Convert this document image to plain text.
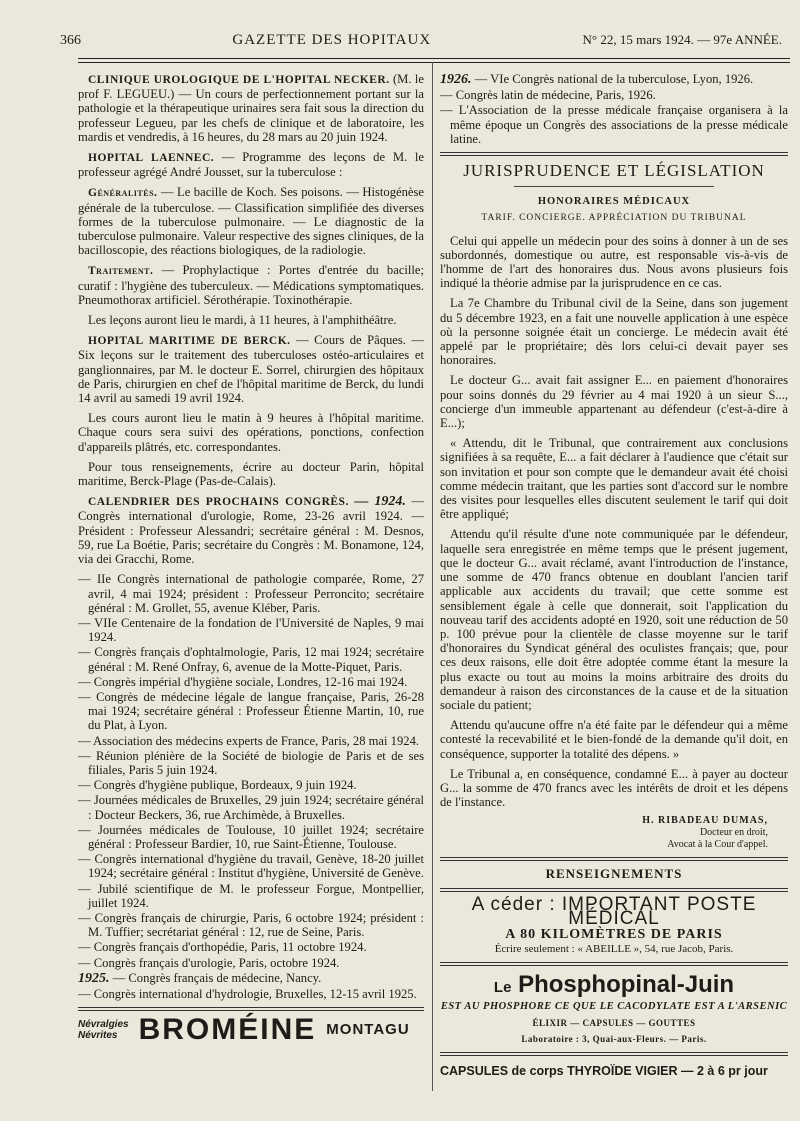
366	GAZETTE DES HOPITAUX	N° 22, 15 mars 1924. — 97e ANNÉE.

CLINIQUE UROLOGIQUE DE L'HOPITAL NECKER. (M. le prof F. LEGUEU.) — Un cours de perfectionnement portant sur la pathologie et la thérapeutique urinaires sera fait sous la direction du professeur Legueu, par les chefs de clinique et de laboratoire, les mardis et vendredis, à 16 heures, du 28 mars au 20 juin 1924.

HOPITAL LAENNEC. — Programme des leçons de M. le professeur agrégé André Jousset, sur la tuberculose :

Généralités. — Le bacille de Koch. Ses poisons. — Histogénèse générale de la tuberculose. — Classification simplifiée des diverses formes de la tuberculose pulmonaire. — Le diagnostic de la tuberculose pulmonaire. Valeur respective des signes cliniques, de la bacilloscopie, des réactions biologiques, de la radiologie.

Traitement. — Prophylactique : Portes d'entrée du bacille; curatif : l'hygiène des tuberculeux. — Médications symptomatiques. Pneumothorax artificiel. Sérothérapie. Toxinothérapie.

Les leçons auront lieu le mardi, à 11 heures, à l'amphithéâtre.

HOPITAL MARITIME DE BERCK. — Cours de Pâques. — Six leçons sur le traitement des tuberculoses ostéo-articulaires et ganglionnaires, par M. le docteur E. Sorrel, chirurgien des hôpitaux de Paris, chirurgien en chef de l'hôpital maritime de Berck, du lundi 14 avril au samedi 19 avril 1924.

Les cours auront lieu le matin à 9 heures à l'hôpital maritime. Chaque cours sera suivi des opérations, ponctions, confection d'appareils plâtrés, etc. correspondantes.

Pour tous renseignements, écrire au docteur Parin, hôpital maritime, Berck-Plage (Pas-de-Calais).

CALENDRIER DES PROCHAINS CONGRÈS. — 1924. — Congrès international d'urologie, Rome, 23-26 avril 1924. — Président : Professeur Alessandri; secrétaire général : M. Desnos, 59, rue La Boétie, Paris; secrétaire du Congrès : M. Bonamone, 124, via dei Gracchi, Rome.

— IIe Congrès international de pathologie comparée, Rome, 27 avril, 4 mai 1924; président : Professeur Perroncito; secrétaire général : M. Grollet, 55, avenue Kléber, Paris.
— VIIe Centenaire de la fondation de l'Université de Naples, 9 mai 1924.
— Congrès français d'ophtalmologie, Paris, 12 mai 1924; secrétaire général : M. René Onfray, 6, avenue de la Motte-Piquet, Paris.
— Congrès impérial d'hygiène sociale, Londres, 12-16 mai 1924.
— Congrès de médecine légale de langue française, Paris, 26-28 mai 1924; secrétaire général : Professeur Étienne Martin, 10, rue du Plat, à Lyon.
— Association des médecins experts de France, Paris, 28 mai 1924.
— Réunion plénière de la Société de biologie de Paris et de ses filiales, Paris 5 juin 1924.
— Congrès d'hygiène publique, Bordeaux, 9 juin 1924.
— Journées médicales de Bruxelles, 29 juin 1924; secrétaire général : Docteur Beckers, 36, rue Archimède, à Bruxelles.
— Journées médicales de Toulouse, 10 juillet 1924; secrétaire général : Professeur Bardier, 10, rue Saint-Étienne, Toulouse.
— Congrès international d'hygiène du travail, Genève, 18-20 juillet 1924; secrétaire général : Institut d'hygiène, Université de Genève.
— Jubilé scientifique de M. le professeur Forgue, Montpellier, juillet 1924.
— Congrès français de chirurgie, Paris, 6 octobre 1924; président : M. Tuffier; secrétariat général : 12, rue de Seine, Paris.
— Congrès français d'orthopédie, Paris, 11 octobre 1924.
— Congrès français d'urologie, Paris, octobre 1924.
1925. — Congrès français de médecine, Nancy.
— Congrès international d'hydrologie, Bruxelles, 12-15 avril 1925.
Névralgies
Névrites BROMÉINE MONTAGU
1926. — VIe Congrès national de la tuberculose, Lyon, 1926.
— Congrès latin de médecine, Paris, 1926.
— L'Association de la presse médicale française organisera à la même époque un Congrès des associations de la presse médicale latine.
JURISPRUDENCE ET LÉGISLATION
HONORAIRES MÉDICAUX
TARIF. CONCIERGE. APPRÉCIATION DU TRIBUNAL

Celui qui appelle un médecin pour des soins à donner à un de ses subordonnés, domestique ou autre, est responsable vis-à-vis de l'homme de l'art des honoraires dus. Nous avons plusieurs fois indiqué la théorie admise par la jurisprudence en ce cas.

La 7e Chambre du Tribunal civil de la Seine, dans son jugement du 5 décembre 1923, en a fait une nouvelle application à une espèce où la personne soignée était un concierge. Le médecin avait été appelé par le propriétaire; dès lors celui-ci devait payer ses honoraires.

Le docteur G... avait fait assigner E... en paiement d'honoraires pour soins donnés du 29 février au 4 mai 1920 à un sieur S..., concierge d'un immeuble appartenant au défendeur (c'est-à-dire à E...);

« Attendu, dit le Tribunal, que contrairement aux conclusions signifiées à sa requête, E... a fait déclarer à l'audience que c'était sur son invitation et pour son compte que le demandeur avait été choisi comme médecin traitant, que les parties sont d'accord sur le nombre des visites pour lesquelles elles discutent seulement le tarif qui doit être appliqué;

Attendu qu'il résulte d'une note communiquée par le défendeur, laquelle sera enregistrée en même temps que le présent jugement, que le docteur G... avait réclamé, avant l'introduction de l'instance, une somme de 470 francs obtenue en doublant l'ancien tarif applicable aux accidents du travail; que cette somme est sensiblement égale à celle que donnerait, soit l'application du nouveau tarif des accidents adopté en 1920, soit une réduction de 50 p. 100 prévue pour la clientèle de classe moyenne sur le tarif d'honoraires du Syndicat général des oculistes français; que, pour ces deux raisons, elle doit être adoptée comme étant la mesure la plus exacte ou tout au moins la moins arbitraire des droits du demandeur à raison des circonstances de la cause et de la situation sociale du patient;

Attendu qu'aucune offre n'a été faite par le défendeur qui a même contesté la recevabilité et le bien-fondé de la demande qu'il doit, en conséquence, supporter la totalité des dépens. »

Le Tribunal a, en conséquence, condamné E... à payer au docteur G... la somme de 470 francs avec les intérêts de droit et les dépens de l'instance.

H. RIBADEAU DUMAS,
Docteur en droit,
Avocat à la Cour d'appel.
RENSEIGNEMENTS
A céder : IMPORTANT POSTE MÉDICAL
A 80 KILOMÈTRES DE PARIS
Écrire seulement : « ABEILLE », 54, rue Jacob, Paris.
Le Phosphopinal-Juin
EST AU PHOSPHORE CE QUE LE CACODYLATE EST A L'ARSENIC
ÉLIXIR — CAPSULES — GOUTTES
Laboratoire : 3, Quai-aux-Fleurs. — Paris.
CAPSULES de corps THYROÏDE VIGIER — 2 à 6 pr jour
